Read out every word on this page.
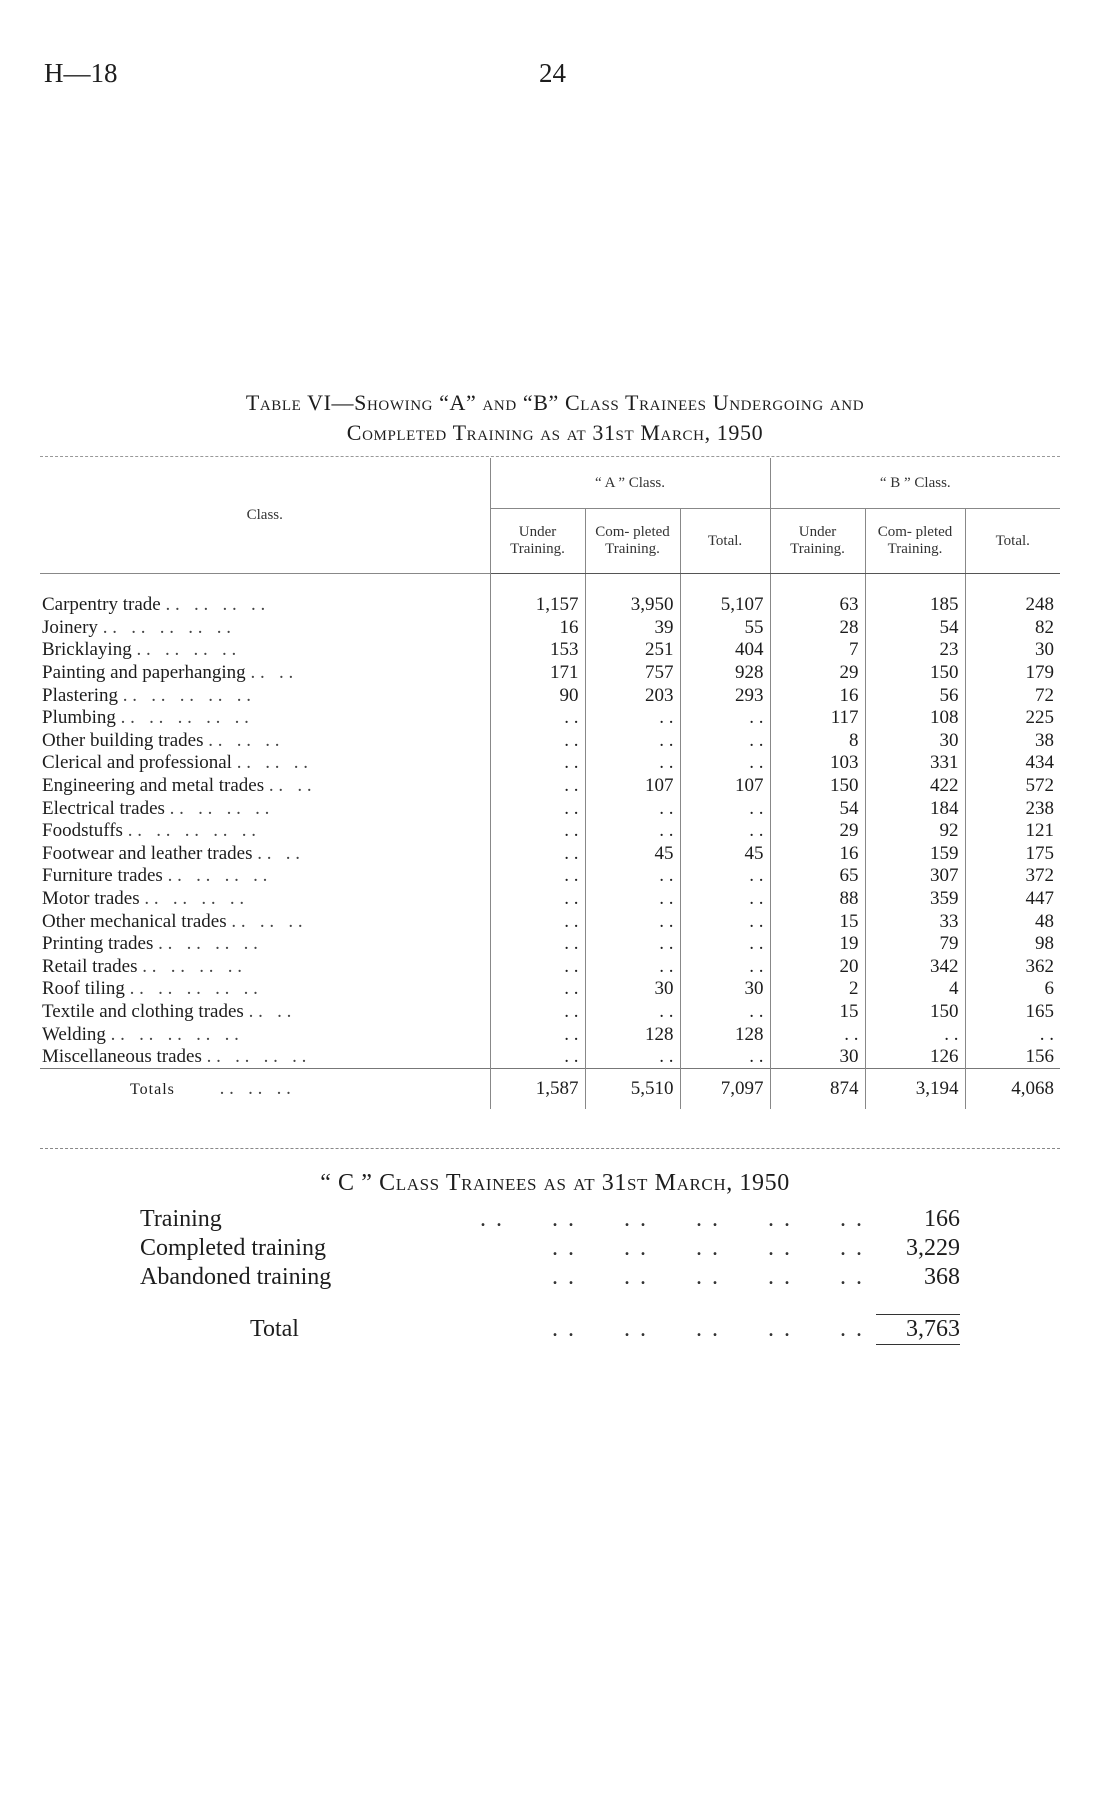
H—18	24
Table VI—Showing “A” and “B” Class Trainees Undergoing and
Completed Training as at 31st March, 1950
Class.	“ A ” Class.			“ B ” Class.		
	Under Training.	Com- pleted Training.	Total.	Under Training.	Com- pleted Training.	Total.

Carpentry trade . .   . .   . .   . .	1,157	3,950	5,107	63	185	248
Joinery . .   . .   . .   . .   . .	16	39	55	28	54	82
Bricklaying . .   . .   . .   . .	153	251	404	7	23	30
Painting and paperhanging . .   . .	171	757	928	29	150	179
Plastering . .   . .   . .   . .   . .	90	203	293	16	56	72
Plumbing . .   . .   . .   . .   . .	. .	. .	. .	117	108	225
Other building trades . .   . .   . .	. .	. .	. .	8	30	38
Clerical and professional . .   . .   . .	. .	. .	. .	103	331	434
Engineering and metal trades . .   . .	. .	107	107	150	422	572
Electrical trades . .   . .   . .   . .	. .	. .	. .	54	184	238
Foodstuffs . .   . .   . .   . .   . .	. .	. .	. .	29	92	121
Footwear and leather trades . .   . .	. .	45	45	16	159	175
Furniture trades . .   . .   . .   . .	. .	. .	. .	65	307	372
Motor trades . .   . .   . .   . .	. .	. .	. .	88	359	447
Other mechanical trades . .   . .   . .	. .	. .	. .	15	33	48
Printing trades . .   . .   . .   . .	. .	. .	. .	19	79	98
Retail trades . .   . .   . .   . .	. .	. .	. .	20	342	362
Roof tiling . .   . .   . .   . .   . .	. .	30	30	2	4	6
Textile and clothing trades . .   . .	. .	. .	. .	15	150	165
Welding . .   . .   . .   . .   . .	. .	128	128	. .	. .	. .
Miscellaneous trades . .   . .   . .   . .	. .	. .	. .	30	126	156
Totals . .   . .   . .	1,587	5,510	7,097	874	3,194	4,068
“ C ” Class Trainees as at 31st March, 1950
Training	. .      . .      . .      . .      . .      . .	166
Completed training	. .      . .      . .      . .      . .	3,229
Abandoned training	. .      . .      . .      . .      . .	368

Total	. .      . .      . .      . .      . .	3,763
